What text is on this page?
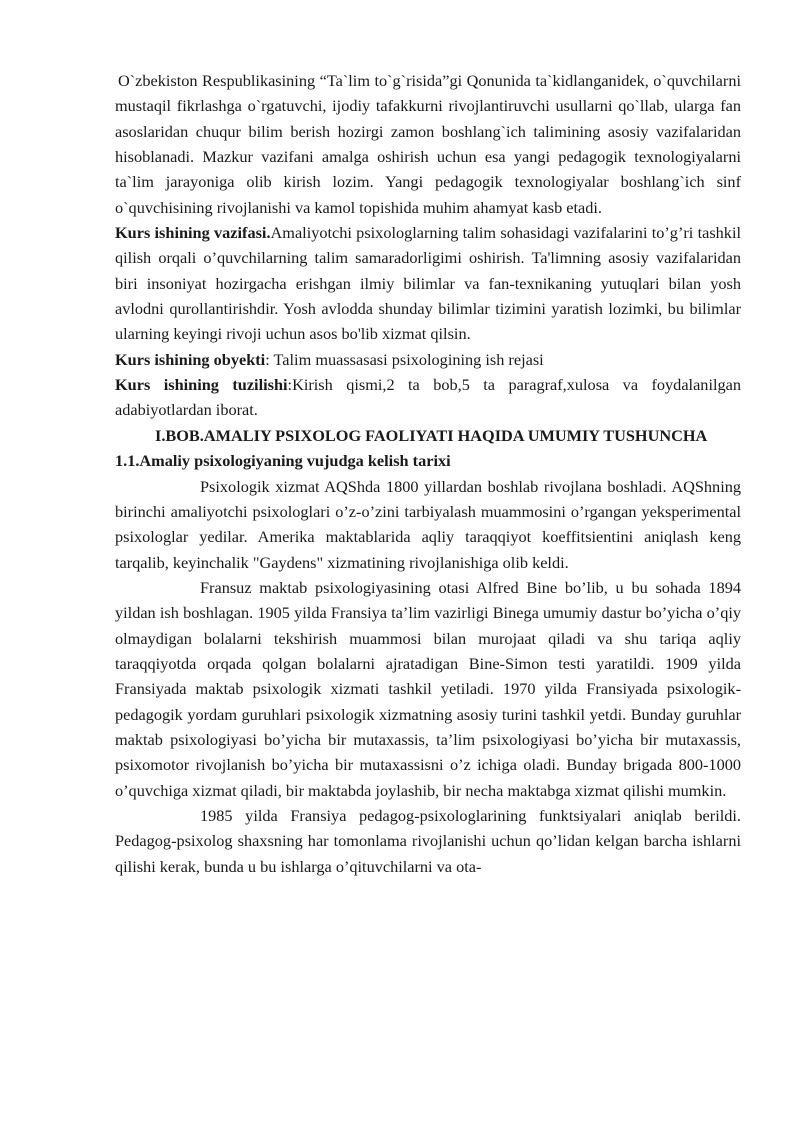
O`zbekiston Respublikasining “Ta`lim to`g`risida”gi Qonunida ta`kidlanganidek, o`quvchilarni mustaqil fikrlashga o`rgatuvchi, ijodiy tafakkurni rivojlantiruvchi usullarni qo`llab, ularga fan asoslaridan chuqur bilim berish hozirgi zamon boshlang`ich talimining asosiy vazifalaridan hisoblanadi. Mazkur vazifani amalga oshirish uchun esa yangi pedagogik texnologiyalarni ta`lim jarayoniga olib kirish lozim. Yangi pedagogik texnologiyalar boshlang`ich sinf o`quvchisining rivojlanishi va kamol topishida muhim ahamyat kasb etadi.

Kurs ishining vazifasi.Amaliyotchi psixologlarning talim sohasidagi vazifalarini to’g’ri tashkil qilish orqali o’quvchilarning talim samaradorligimi oshirish. Ta'limning asosiy vazifalaridan biri insoniyat hozirgacha erishgan ilmiy bilimlar va fan-texnikaning yutuqlari bilan yosh avlodni qurollantirishdir. Yosh avlodda shunday bilimlar tizimini yaratish lozimki, bu bilimlar ularning keyingi rivoji uchun asos bo'lib xizmat qilsin.

Kurs ishining obyekti: Talim muassasasi psixologining ish rejasi

Kurs ishining tuzilishi:Kirish qismi,2 ta bob,5 ta paragraf,xulosa va foydalanilgan adabiyotlardan iborat.

I.BOB.AMALIY PSIXOLOG FAOLIYATI HAQIDA UMUMIY TUSHUNCHA

1.1.Amaliy psixologiyaning vujudga kelish tarixi

Psixologik xizmat AQShda 1800 yillardan boshlab rivojlana boshladi. AQShning birinchi amaliyotchi psixologlari o’z-o’zini tarbiyalash muammosini o’rgangan yeksperimental psixologlar yedilar. Amerika maktablarida aqliy taraqqiyot koeffitsientini aniqlash keng tarqalib, keyinchalik "Gaydens" xizmatining rivojlanishiga olib keldi.

Fransuz maktab psixologiyasining otasi Alfred Bine bo’lib, u bu sohada 1894 yildan ish boshlagan. 1905 yilda Fransiya ta’lim vazirligi Binega umumiy dastur bo’yicha o’qiy olmaydigan bolalarni tekshirish muammosi bilan murojaat qiladi va shu tariqa aqliy taraqqiyotda orqada qolgan bolalarni ajratadigan Bine-Simon testi yaratildi. 1909 yilda Fransiyada maktab psixologik xizmati tashkil yetiladi. 1970 yilda Fransiyada psixologik-pedagogik yordam guruhlari psixologik xizmatning asosiy turini tashkil yetdi. Bunday guruhlar maktab psixologiyasi bo’yicha bir mutaxassis, ta’lim psixologiyasi bo’yicha bir mutaxassis, psixomotor rivojlanish bo’yicha bir mutaxassisni o’z ichiga oladi. Bunday brigada 800-1000 o’quvchiga xizmat qiladi, bir maktabda joylashib, bir necha maktabga xizmat qilishi mumkin.

1985 yilda Fransiya pedagog-psixologlarining funktsiyalari aniqlab berildi. Pedagog-psixolog shaxsning har tomonlama rivojlanishi uchun qo’lidan kelgan barcha ishlarni qilishi kerak, bunda u bu ishlarga o’qituvchilarni va ota-
